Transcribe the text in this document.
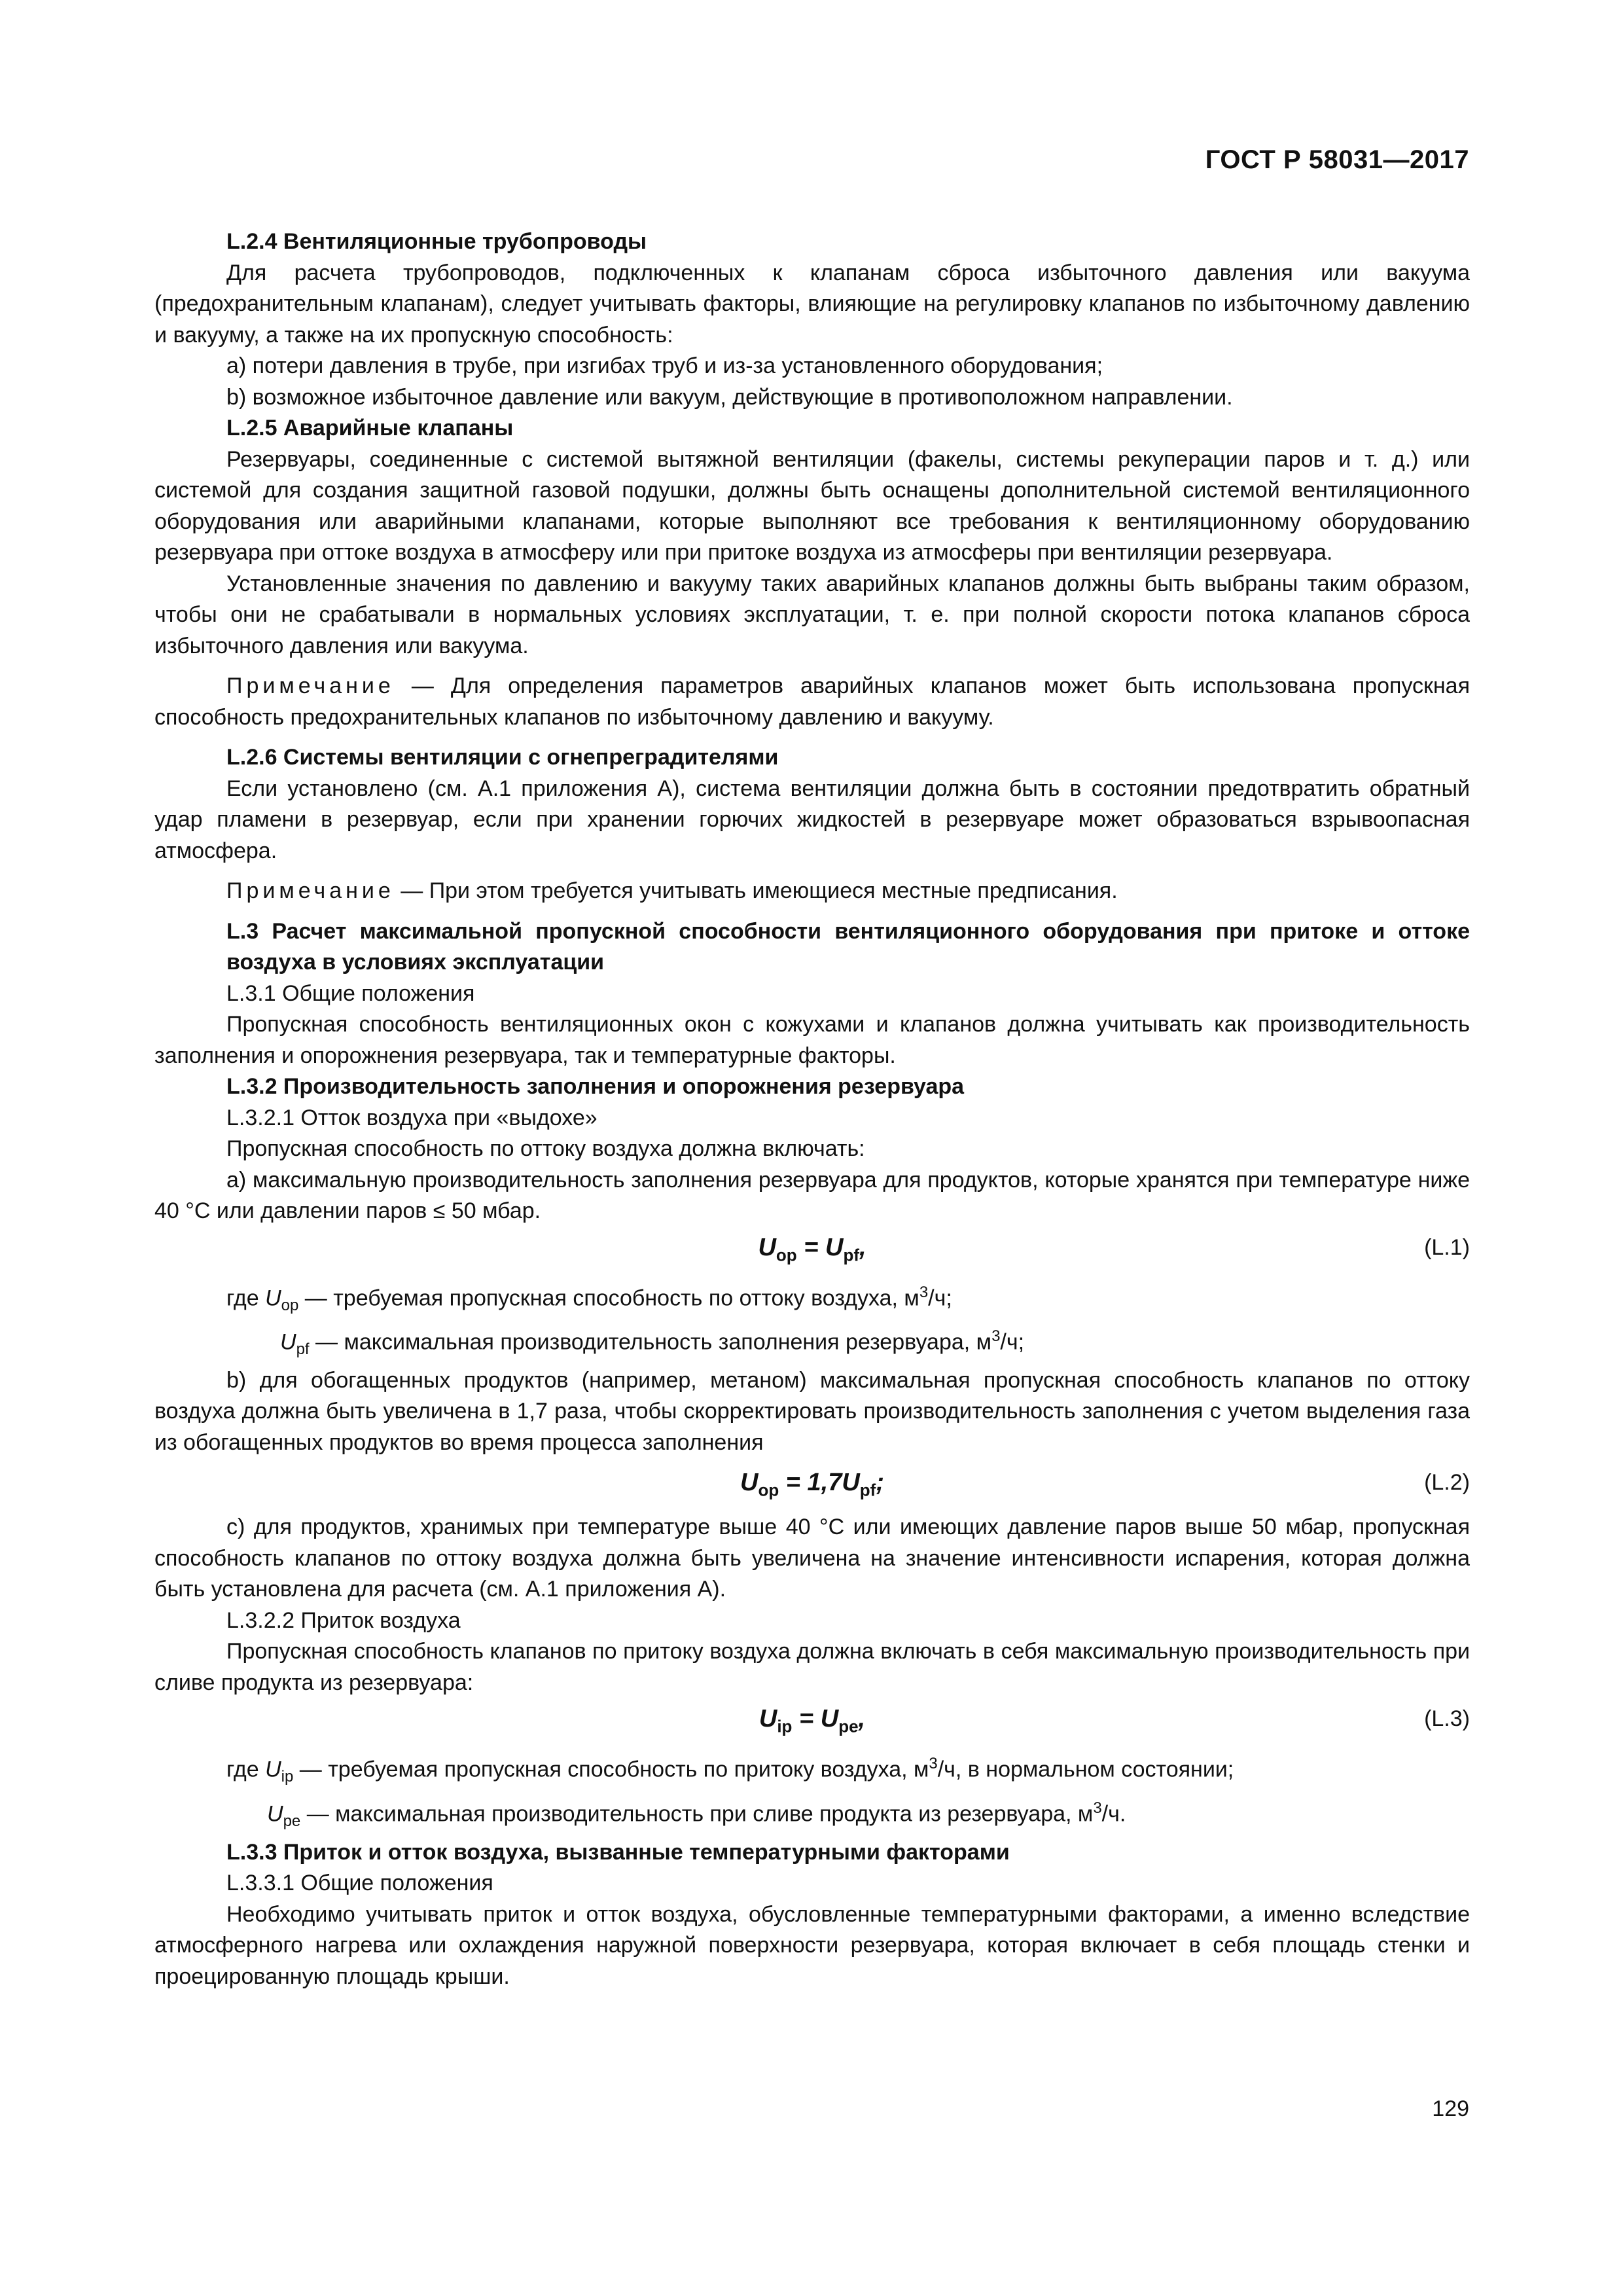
ГОСТ Р 58031—2017

L.2.4 Вентиляционные трубопроводы

Для расчета трубопроводов, подключенных к клапанам сброса избыточного давления или вакуума (предохранительным клапанам), следует учитывать факторы, влияющие на регулировку клапанов по избыточному давлению и вакууму, а также на их пропускную способность:

a) потери давления в трубе, при изгибах труб и из-за установленного оборудования;

b) возможное избыточное давление или вакуум, действующие в противоположном направлении.

L.2.5 Аварийные клапаны

Резервуары, соединенные с системой вытяжной вентиляции (факелы, системы рекуперации паров и т. д.) или системой для создания защитной газовой подушки, должны быть оснащены дополнительной системой вентиляционного оборудования или аварийными клапанами, которые выполняют все требования к вентиляционному оборудованию резервуара при оттоке воздуха в атмосферу или при притоке воздуха из атмосферы при вентиляции резервуара.

Установленные значения по давлению и вакууму таких аварийных клапанов должны быть выбраны таким образом, чтобы они не срабатывали в нормальных условиях эксплуатации, т. е. при полной скорости потока клапанов сброса избыточного давления или вакуума.

Примечание — Для определения параметров аварийных клапанов может быть использована пропускная способность предохранительных клапанов по избыточному давлению и вакууму.

L.2.6 Системы вентиляции с огнепреградителями

Если установлено (см. А.1 приложения А), система вентиляции должна быть в состоянии предотвратить обратный удар пламени в резервуар, если при хранении горючих жидкостей в резервуаре может образоваться взрывоопасная атмосфера.

Примечание — При этом требуется учитывать имеющиеся местные предписания.

L.3 Расчет максимальной пропускной способности вентиляционного оборудования при притоке и оттоке воздуха в условиях эксплуатации

L.3.1 Общие положения

Пропускная способность вентиляционных окон с кожухами и клапанов должна учитывать как производительность заполнения и опорожнения резервуара, так и температурные факторы.

L.3.2 Производительность заполнения и опорожнения резервуара

L.3.2.1 Отток воздуха при «выдохе»

Пропускная способность по оттоку воздуха должна включать:

a) максимальную производительность заполнения резервуара для продуктов, которые хранятся при температуре ниже 40 °С или давлении паров ≤ 50 мбар.

$U_{op} = U_{pf}$,	(L.1)

где $U_{op}$ — требуемая пропускная способность по оттоку воздуха, $м^3/ч$;

$U_{pf}$ — максимальная производительность заполнения резервуара, $м^3/ч$;

b) для обогащенных продуктов (например, метаном) максимальная пропускная способность клапанов по оттоку воздуха должна быть увеличена в 1,7 раза, чтобы скорректировать производительность заполнения с учетом выделения газа из обогащенных продуктов во время процесса заполнения

$U_{op} = 1,7U_{pf}$;	(L.2)

c) для продуктов, хранимых при температуре выше 40 °С или имеющих давление паров выше 50 мбар, пропускная способность клапанов по оттоку воздуха должна быть увеличена на значение интенсивности испарения, которая должна быть установлена для расчета (см. А.1 приложения А).

L.3.2.2 Приток воздуха

Пропускная способность клапанов по притоку воздуха должна включать в себя максимальную производительность при сливе продукта из резервуара:

$U_{ip} = U_{pe}$,	(L.3)

где $U_{ip}$ — требуемая пропускная способность по притоку воздуха, $м^3/ч$, в нормальном состоянии;

$U_{pe}$ — максимальная производительность при сливе продукта из резервуара, $м^3/ч$.

L.3.3 Приток и отток воздуха, вызванные температурными факторами

L.3.3.1 Общие положения

Необходимо учитывать приток и отток воздуха, обусловленные температурными факторами, а именно вследствие атмосферного нагрева или охлаждения наружной поверхности резервуара, которая включает в себя площадь стенки и проецированную площадь крыши.

129
